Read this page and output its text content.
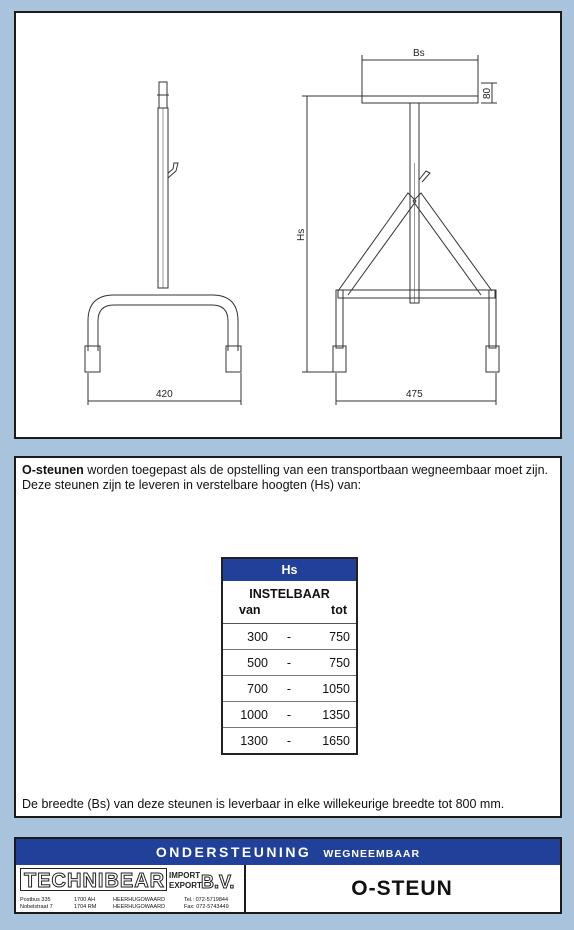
420	475
Bs
Hs
80
O-steunen worden toegepast als de opstelling van een transportbaan wegneembaar moet zijn.
Deze steunen zijn te leveren in verstelbare hoogten (Hs) van:
Hs
INSTELBAAR
van	tot
300	-	750
500	-	750
700	-	1050
1000	-	1350
1300	-	1650
De breedte (Bs) van deze steunen is leverbaar in elke willekeurige breedte tot 800 mm.
ONDERSTEUNING WEGNEEMBAAR
TECHNIBEAR IMPORT
EXPORT B.V.
Postbus 335	1700 AH	HEERHUGOWAARD	Tel.: 072-5719844
Nobelstraat 7	1704 RM	HEERHUGOWAARD	Fax: 072-5743449
O-STEUN
